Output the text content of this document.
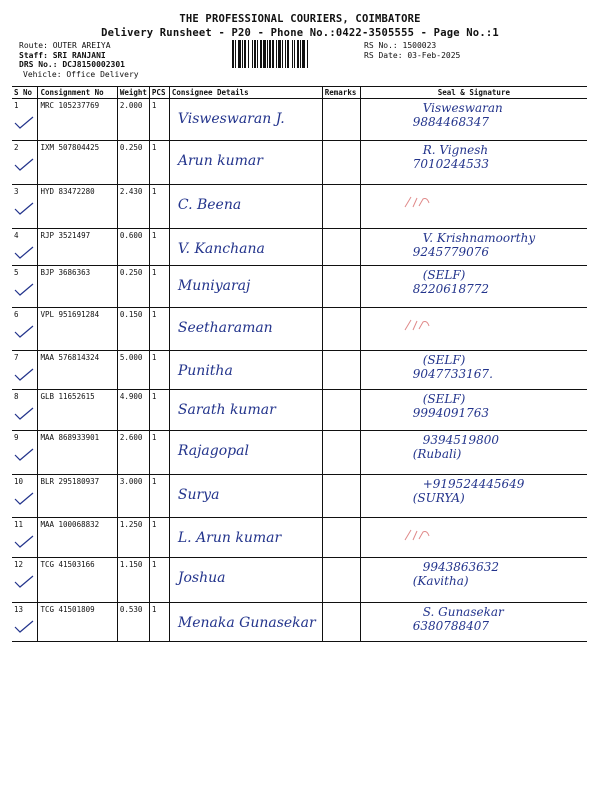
THE PROFESSIONAL COURIERS, COIMBATORE
Delivery Runsheet - P20 - Phone No.:0422-3505555 - Page No.:1
Route: OUTER AREIYA
Staff: SRI RANJANI
DRS No.: DCJ8150002301
Vehicle: Office Delivery
RS No.: 1500023
RS Date: 03-Feb-2025
S No	Consignment No	Weight	PCS	Consignee Details	Remarks	Seal & Signature
1	MRC 105237769	2.000	1	Visweswaran J.		Visweswaran
9884468347

2	IXM 507804425	0.250	1	Arun kumar		R. Vignesh
7010244533

3	HYD 83472280	2.430	1	C. Beena

4	RJP 3521497	0.600	1	V. Kanchana		V. Krishnamoorthy
9245779076

5	BJP 3686363	0.250	1	Muniyaraj		(SELF)
8220618772

6	VPL 951691284	0.150	1	Seetharaman

7	MAA 576814324	5.000	1	Punitha		(SELF)
9047733167.

8	GLB 11652615	4.900	1	Sarath kumar		(SELF)
9994091763

9	MAA 868933901	2.600	1	Rajagopal		9394519800
(Rubali)

10	BLR 295180937	3.000	1	Surya		+919524445649
(SURYA)

11	MAA 100068832	1.250	1	L. Arun kumar

12	TCG 41503166	1.150	1	Joshua		9943863632
(Kavitha)

13	TCG 41501809	0.530	1	Menaka Gunasekar		S. Gunasekar
6380788407
